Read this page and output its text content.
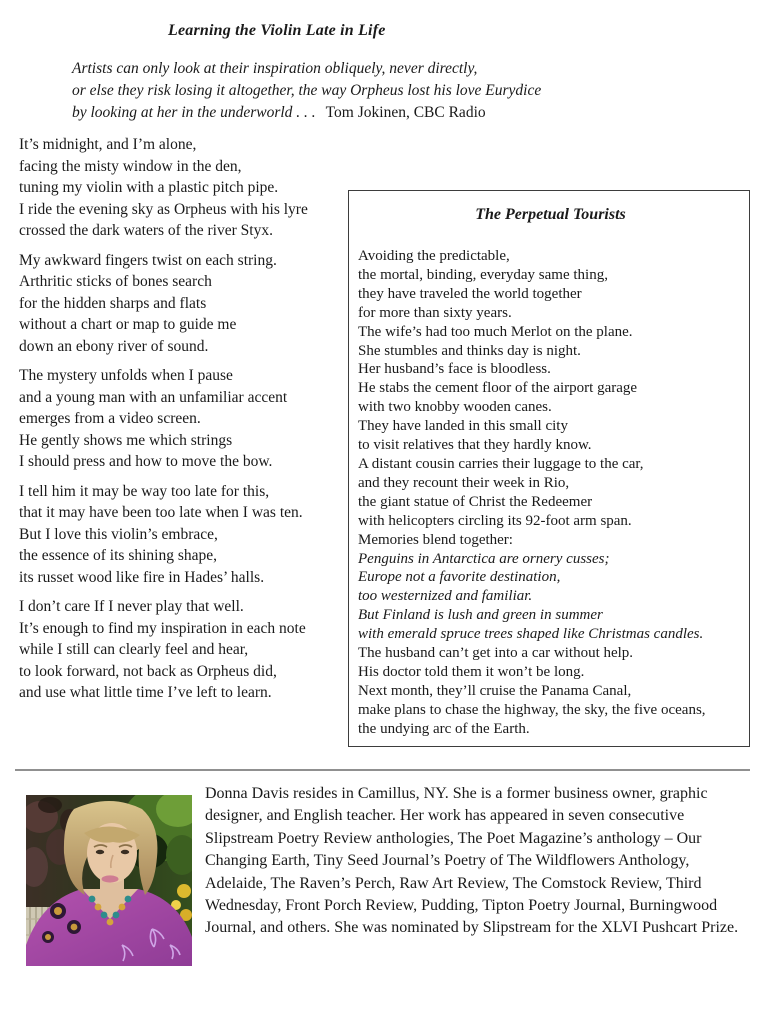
Learning the Violin Late in Life
Artists can only look at their inspiration obliquely, never directly,
or else they risk losing it altogether, the way Orpheus lost his love Eurydice
by looking at her in the underworld . . . Tom Jokinen, CBC Radio
It’s midnight, and I’m alone,
facing the misty window in the den,
tuning my violin with a plastic pitch pipe.
I ride the evening sky as Orpheus with his lyre
crossed the dark waters of the river Styx.
My awkward fingers twist on each string.
Arthritic sticks of bones search
for the hidden sharps and flats
without a chart or map to guide me
down an ebony river of sound.
The mystery unfolds when I pause
and a young man with an unfamiliar accent
emerges from a video screen.
He gently shows me which strings
I should press and how to move the bow.
I tell him it may be way too late for this,
that it may have been too late when I was ten.
But I love this violin’s embrace,
the essence of its shining shape,
its russet wood like fire in Hades’ halls.
I don’t care If I never play that well.
It’s enough to find my inspiration in each note
while I still can clearly feel and hear,
to look forward, not back as Orpheus did,
and use what little time I’ve left to learn.
The Perpetual Tourists
Avoiding the predictable,
the mortal, binding, everyday same thing,
they have traveled the world together
for more than sixty years.
The wife’s had too much Merlot on the plane.
She stumbles and thinks day is night.
Her husband’s face is bloodless.
He stabs the cement floor of the airport garage
with two knobby wooden canes.
They have landed in this small city
to visit relatives that they hardly know.
A distant cousin carries their luggage to the car,
and they recount their week in Rio,
the giant statue of Christ the Redeemer
with helicopters circling its 92-foot arm span.
Memories blend together:
Penguins in Antarctica are ornery cusses;
Europe not a favorite destination,
too westernized and familiar.
But Finland is lush and green in summer
with emerald spruce trees shaped like Christmas candles.
The husband can’t get into a car without help.
His doctor told them it won’t be long.
Next month, they’ll cruise the Panama Canal,
make plans to chase the highway, the sky, the five oceans,
the undying arc of the Earth.

Donna Davis resides in Camillus, NY. She is a former business owner, graphic designer, and English teacher. Her work has appeared in seven consecutive Slipstream Poetry Review anthologies, The Poet Magazine’s anthology – Our Changing Earth, Tiny Seed Journal’s Poetry of The Wildflowers Anthology, Adelaide, The Raven’s Perch, Raw Art Review, The Comstock Review, Third Wednesday, Front Porch Review, Pudding, Tipton Poetry Journal, Burningwood Journal, and others. She was nominated by Slipstream for the XLVI Pushcart Prize.
